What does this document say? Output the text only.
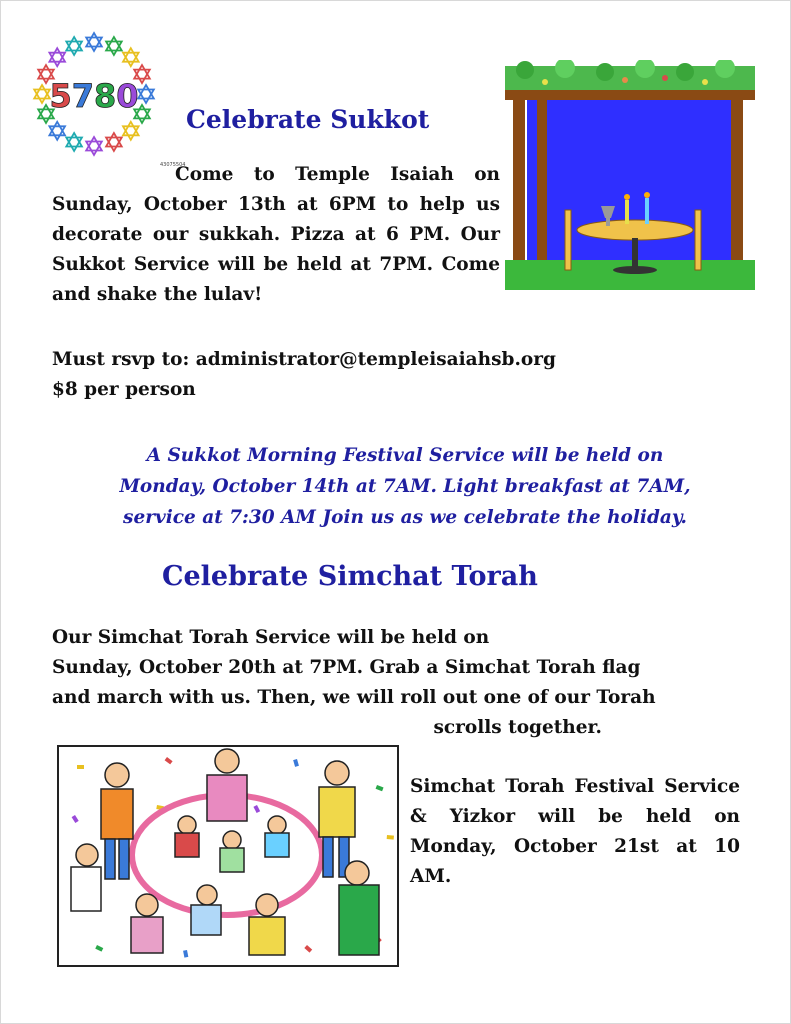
5780
Celebrate Sukkot
43075504
Come to Temple Isaiah on Sunday, October 13th at 6PM to help us decorate our sukkah. Pizza at 6 PM. Our Sukkot Service will be held at 7PM. Come and shake the lulav!
Must rsvp to: administrator@templeisaiahsb.org
$8 per person
A Sukkot Morning Festival Service will be held on
Monday, October 14th at 7AM. Light breakfast at 7AM,
service at 7:30 AM Join us as we celebrate the holiday.
Celebrate Simchat Torah
Our Simchat Torah Service will be held on
Sunday, October 20th at 7PM. Grab a Simchat Torah flag
and march with us. Then, we will roll out one of our Torah
scrolls together.
Simchat Torah Festival Service & Yizkor will be held on Monday, October 21st at 10 AM.
